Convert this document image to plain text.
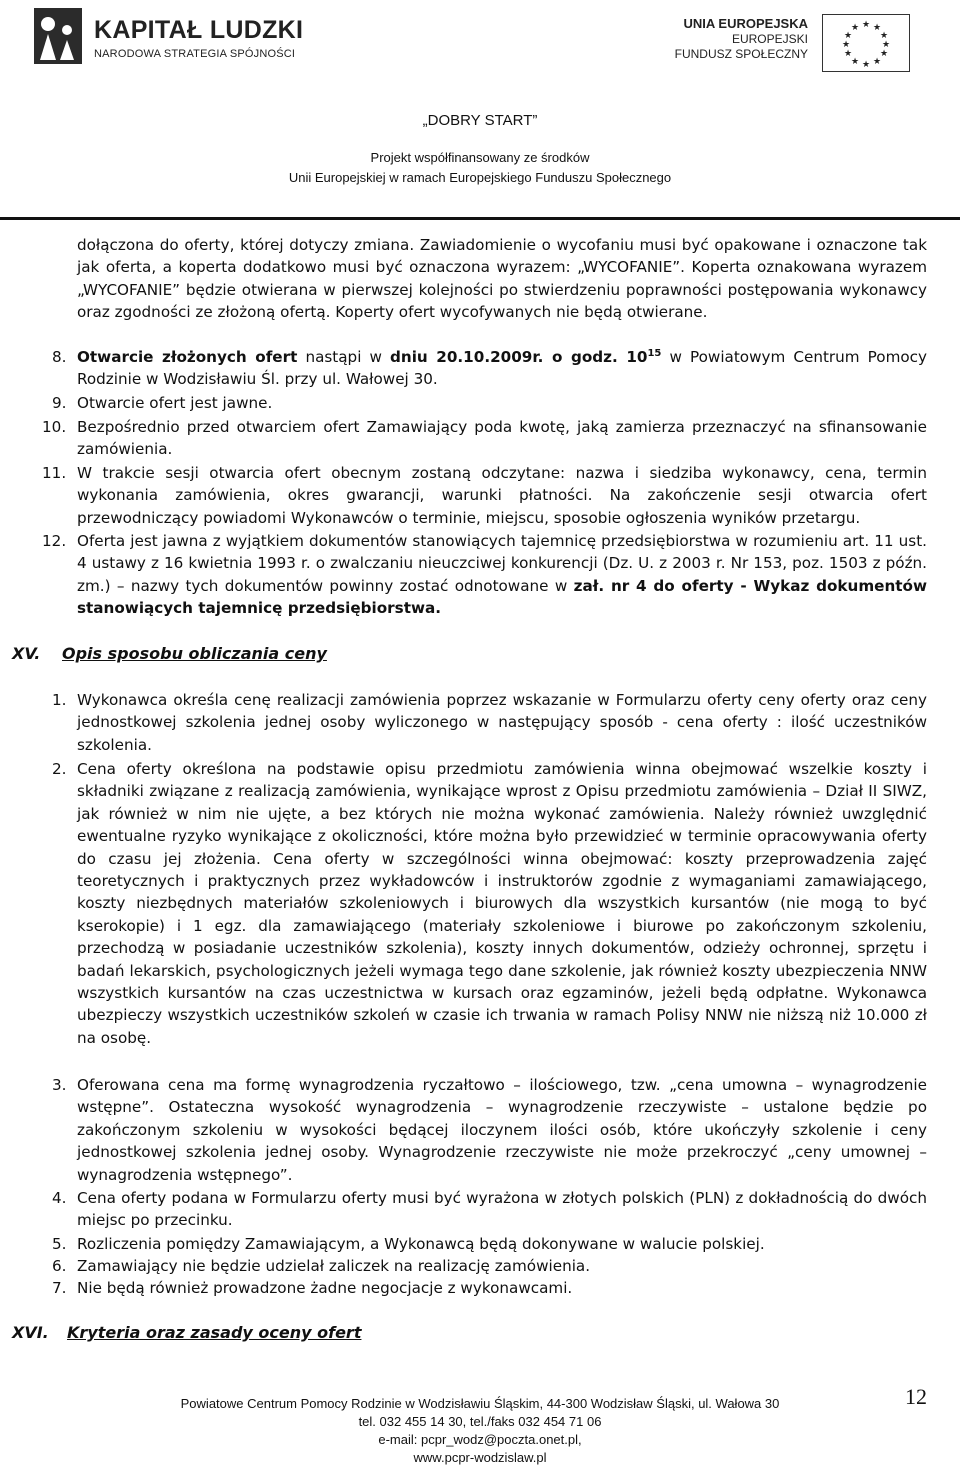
KAPITAŁ LUDZKI
NARODOWA STRATEGIA SPÓJNOŚCI
UNIA EUROPEJSKA
EUROPEJSKI
FUNDUSZ SPOŁECZNY
★ ★
★
★
★
★
★
★
★
★
★
★
„DOBRY START”
Projekt współfinansowany ze środków
Unii Europejskiej w ramach Europejskiego Funduszu Społecznego
dołączona do oferty, której dotyczy zmiana. Zawiadomienie o wycofaniu musi być opakowane i oznaczone tak jak oferta, a koperta dodatkowo musi być oznaczona wyrazem: „WYCOFANIE”. Koperta oznakowana wyrazem „WYCOFANIE” będzie otwierana w pierwszej kolejności po stwierdzeniu poprawności postępowania wykonawcy oraz zgodności ze złożoną ofertą. Koperty ofert wycofywanych nie będą otwierane.
8. Otwarcie złożonych ofert nastąpi w dniu 20.10.2009r. o godz. $10^{15}$ w Powiatowym Centrum Pomocy Rodzinie w Wodzisławiu Śl. przy ul. Wałowej 30.
9. Otwarcie ofert jest jawne.
10. Bezpośrednio przed otwarciem ofert Zamawiający poda kwotę, jaką zamierza przeznaczyć na sfinansowanie zamówienia.
11. W trakcie sesji otwarcia ofert obecnym zostaną odczytane: nazwa i siedziba wykonawcy, cena, termin wykonania zamówienia, okres gwarancji, warunki płatności. Na zakończenie sesji otwarcia ofert przewodniczący powiadomi Wykonawców o terminie, miejscu, sposobie ogłoszenia wyników przetargu.
12. Oferta jest jawna z wyjątkiem dokumentów stanowiących tajemnicę przedsiębiorstwa w rozumieniu art. 11 ust. 4 ustawy z 16 kwietnia 1993 r. o zwalczaniu nieuczciwej konkurencji (Dz. U. z 2003 r. Nr 153, poz. 1503 z późn. zm.) – nazwy tych dokumentów powinny zostać odnotowane w zał. nr 4 do oferty - Wykaz dokumentów stanowiących tajemnicę przedsiębiorstwa.
XV. Opis sposobu obliczania ceny
1. Wykonawca określa cenę realizacji zamówienia poprzez wskazanie w Formularzu oferty ceny oferty oraz ceny jednostkowej szkolenia jednej osoby wyliczonego w następujący sposób - cena oferty : ilość uczestników szkolenia.
2. Cena oferty określona na podstawie opisu przedmiotu zamówienia winna obejmować wszelkie koszty i składniki związane z realizacją zamówienia, wynikające wprost z Opisu przedmiotu zamówienia – Dział II SIWZ, jak również w nim nie ujęte, a bez których nie można wykonać zamówienia. Należy również uwzględnić ewentualne ryzyko wynikające z okoliczności, które można było przewidzieć w terminie opracowywania oferty do czasu jej złożenia. Cena oferty w szczególności winna obejmować: koszty przeprowadzenia zajęć teoretycznych i praktycznych przez wykładowców i instruktorów zgodnie z wymaganiami zamawiającego, koszty niezbędnych materiałów szkoleniowych i biurowych dla wszystkich kursantów (nie mogą to być kserokopie) i 1 egz. dla zamawiającego (materiały szkoleniowe i biurowe po zakończonym szkoleniu, przechodzą w posiadanie uczestników szkolenia), koszty innych dokumentów, odzieży ochronnej, sprzętu i badań lekarskich, psychologicznych jeżeli wymaga tego dane szkolenie, jak również koszty ubezpieczenia NNW wszystkich kursantów na czas uczestnictwa w kursach oraz egzaminów, jeżeli będą odpłatne. Wykonawca ubezpieczy wszystkich uczestników szkoleń w czasie ich trwania w ramach Polisy NNW nie niższą niż 10.000 zł na osobę.
3. Oferowana cena ma formę wynagrodzenia ryczałtowo – ilościowego, tzw. „cena umowna – wynagrodzenie wstępne”. Ostateczna wysokość wynagrodzenia – wynagrodzenie rzeczywiste – ustalone będzie po zakończonym szkoleniu w wysokości będącej iloczynem ilości osób, które ukończyły szkolenie i ceny jednostkowej szkolenia jednej osoby. Wynagrodzenie rzeczywiste nie może przekroczyć „ceny umownej – wynagrodzenia wstępnego”.
4. Cena oferty podana w Formularzu oferty musi być wyrażona w złotych polskich (PLN) z dokładnością do dwóch miejsc po przecinku.
5. Rozliczenia pomiędzy Zamawiającym, a Wykonawcą będą dokonywane w walucie polskiej.
6. Zamawiający nie będzie udzielał zaliczek na realizację zamówienia.
7. Nie będą również prowadzone żadne negocjacje z wykonawcami.
XVI. Kryteria oraz zasady oceny ofert
Powiatowe Centrum Pomocy Rodzinie w Wodzisławiu Śląskim, 44-300 Wodzisław Śląski, ul. Wałowa 30
tel. 032 455 14 30, tel./faks 032 454 71 06
e-mail: pcpr_wodz@poczta.onet.pl,
www.pcpr-wodzislaw.pl
12
